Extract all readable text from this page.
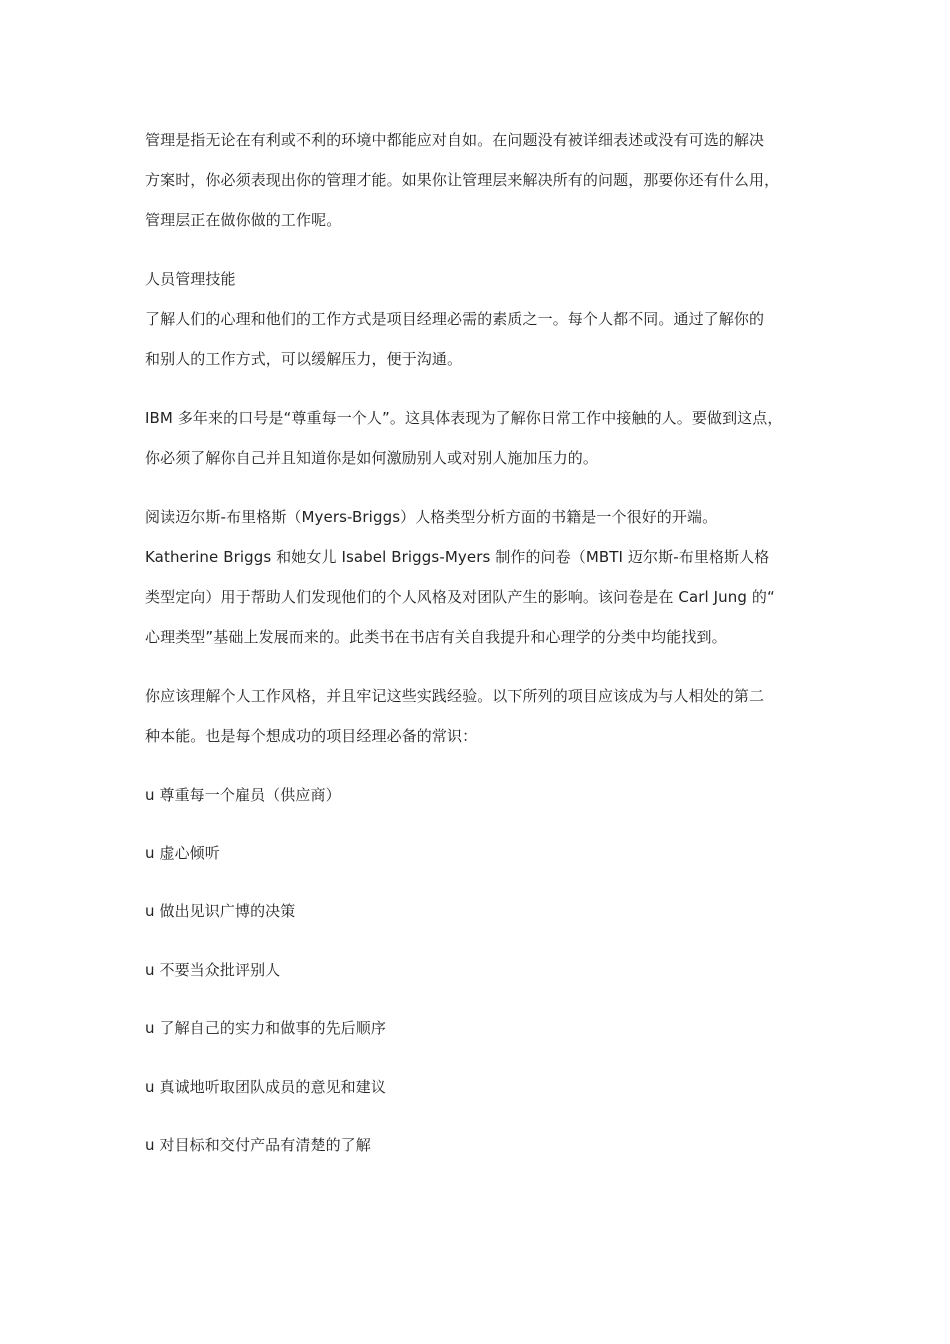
管理是指无论在有利或不利的环境中都能应对自如。在问题没有被详细表述或没有可选的解决
方案时，你必须表现出你的管理才能。如果你让管理层来解决所有的问题，那要你还有什么用，
管理层正在做你做的工作呢。
人员管理技能
了解人们的心理和他们的工作方式是项目经理必需的素质之一。每个人都不同。通过了解你的
和别人的工作方式，可以缓解压力，便于沟通。
IBM 多年来的口号是“尊重每一个人”。这具体表现为了解你日常工作中接触的人。要做到这点，
你必须了解你自己并且知道你是如何激励别人或对别人施加压力的。
阅读迈尔斯-布里格斯（Myers-Briggs）人格类型分析方面的书籍是一个很好的开端。
Katherine Briggs 和她女儿 Isabel Briggs-Myers 制作的问卷（MBTI 迈尔斯-布里格斯人格
类型定向）用于帮助人们发现他们的个人风格及对团队产生的影响。该问卷是在 Carl Jung 的“
心理类型”基础上发展而来的。此类书在书店有关自我提升和心理学的分类中均能找到。
你应该理解个人工作风格，并且牢记这些实践经验。以下所列的项目应该成为与人相处的第二
种本能。也是每个想成功的项目经理必备的常识：
u 尊重每一个雇员（供应商）
u 虚心倾听
u 做出见识广博的决策
u 不要当众批评别人
u 了解自己的实力和做事的先后顺序
u 真诚地听取团队成员的意见和建议
u 对目标和交付产品有清楚的了解
